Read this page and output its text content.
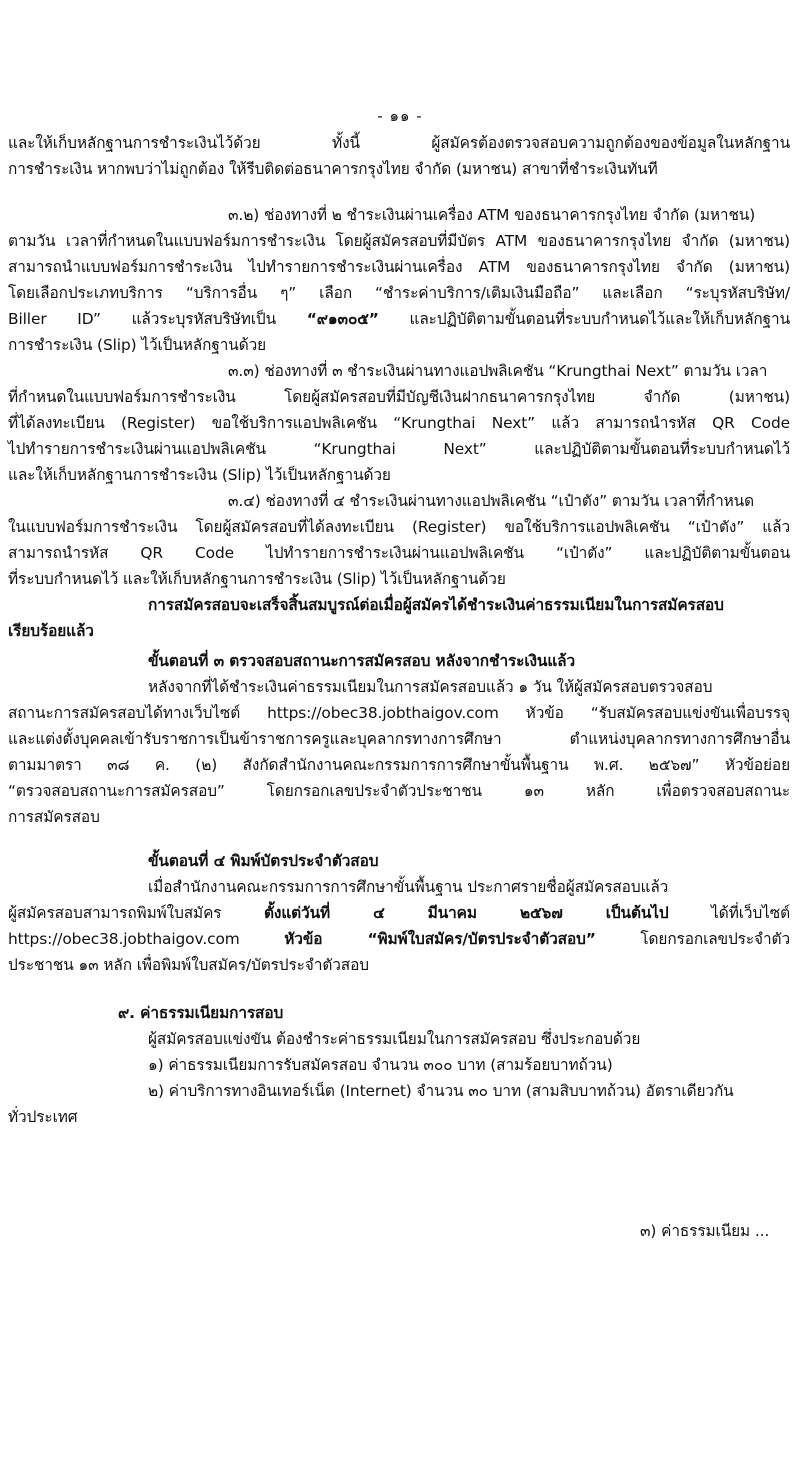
- ๑๑ -
และให้เก็บหลักฐานการชำระเงินไว้ด้วย ทั้งนี้ ผู้สมัครต้องตรวจสอบความถูกต้องของข้อมูลในหลักฐาน
การชำระเงิน หากพบว่าไม่ถูกต้อง ให้รีบติดต่อธนาคารกรุงไทย จำกัด (มหาชน) สาขาที่ชำระเงินทันที
๓.๒) ช่องทางที่ ๒ ชำระเงินผ่านเครื่อง ATM ของธนาคารกรุงไทย จำกัด (มหาชน)
ตามวัน เวลาที่กำหนดในแบบฟอร์มการชำระเงิน โดยผู้สมัครสอบที่มีบัตร ATM ของธนาคารกรุงไทย จำกัด (มหาชน)
สามารถนำแบบฟอร์มการชำระเงิน ไปทำรายการชำระเงินผ่านเครื่อง ATM ของธนาคารกรุงไทย จำกัด (มหาชน)
โดยเลือกประเภทบริการ “บริการอื่น ๆ” เลือก “ชำระค่าบริการ/เติมเงินมือถือ” และเลือก “ระบุรหัสบริษัท/
Biller ID” แล้วระบุรหัสบริษัทเป็น “๙๑๓๐๕” และปฏิบัติตามขั้นตอนที่ระบบกำหนดไว้และให้เก็บหลักฐาน
การชำระเงิน (Slip) ไว้เป็นหลักฐานด้วย
๓.๓) ช่องทางที่ ๓ ชำระเงินผ่านทางแอปพลิเคชัน “Krungthai Next” ตามวัน เวลา
ที่กำหนดในแบบฟอร์มการชำระเงิน โดยผู้สมัครสอบที่มีบัญชีเงินฝากธนาคารกรุงไทย จำกัด (มหาชน)
ที่ได้ลงทะเบียน (Register) ขอใช้บริการแอปพลิเคชัน “Krungthai Next” แล้ว สามารถนำรหัส QR Code
ไปทำรายการชำระเงินผ่านแอปพลิเคชัน “Krungthai Next” และปฏิบัติตามขั้นตอนที่ระบบกำหนดไว้
และให้เก็บหลักฐานการชำระเงิน (Slip) ไว้เป็นหลักฐานด้วย
๓.๔) ช่องทางที่ ๔ ชำระเงินผ่านทางแอปพลิเคชัน “เป๋าตัง” ตามวัน เวลาที่กำหนด
ในแบบฟอร์มการชำระเงิน โดยผู้สมัครสอบที่ได้ลงทะเบียน (Register) ขอใช้บริการแอปพลิเคชัน “เป๋าตัง” แล้ว
สามารถนำรหัส QR Code ไปทำรายการชำระเงินผ่านแอปพลิเคชัน “เป๋าตัง” และปฏิบัติตามขั้นตอน
ที่ระบบกำหนดไว้ และให้เก็บหลักฐานการชำระเงิน (Slip) ไว้เป็นหลักฐานด้วย
การสมัครสอบจะเสร็จสิ้นสมบูรณ์ต่อเมื่อผู้สมัครได้ชำระเงินค่าธรรมเนียมในการสมัครสอบ
เรียบร้อยแล้ว
ขั้นตอนที่ ๓ ตรวจสอบสถานะการสมัครสอบ หลังจากชำระเงินแล้ว
หลังจากที่ได้ชำระเงินค่าธรรมเนียมในการสมัครสอบแล้ว ๑ วัน ให้ผู้สมัครสอบตรวจสอบ
สถานะการสมัครสอบได้ทางเว็บไซต์ https://obec38.jobthaigov.com หัวข้อ “รับสมัครสอบแข่งขันเพื่อบรรจุ
และแต่งตั้งบุคคลเข้ารับราชการเป็นข้าราชการครูและบุคลากรทางการศึกษา ตำแหน่งบุคลากรทางการศึกษาอื่น
ตามมาตรา ๓๘ ค. (๒) สังกัดสำนักงานคณะกรรมการการศึกษาขั้นพื้นฐาน พ.ศ. ๒๕๖๗” หัวข้อย่อย
“ตรวจสอบสถานะการสมัครสอบ” โดยกรอกเลขประจำตัวประชาชน ๑๓ หลัก เพื่อตรวจสอบสถานะ
การสมัครสอบ
ขั้นตอนที่ ๔ พิมพ์บัตรประจำตัวสอบ
เมื่อสำนักงานคณะกรรมการการศึกษาขั้นพื้นฐาน ประกาศรายชื่อผู้สมัครสอบแล้ว
ผู้สมัครสอบสามารถพิมพ์ใบสมัคร ตั้งแต่วันที่ ๔ มีนาคม ๒๕๖๗ เป็นต้นไป ได้ที่เว็บไซต์
https://obec38.jobthaigov.com หัวข้อ “พิมพ์ใบสมัคร/บัตรประจำตัวสอบ” โดยกรอกเลขประจำตัว
ประชาชน ๑๓ หลัก เพื่อพิมพ์ใบสมัคร/บัตรประจำตัวสอบ
๙. ค่าธรรมเนียมการสอบ
ผู้สมัครสอบแข่งขัน ต้องชำระค่าธรรมเนียมในการสมัครสอบ ซึ่งประกอบด้วย
๑) ค่าธรรมเนียมการรับสมัครสอบ จำนวน ๓๐๐ บาท (สามร้อยบาทถ้วน)
๒) ค่าบริการทางอินเทอร์เน็ต (Internet) จำนวน ๓๐ บาท (สามสิบบาทถ้วน) อัตราเดียวกัน
ทั่วประเทศ
๓) ค่าธรรมเนียม ...
